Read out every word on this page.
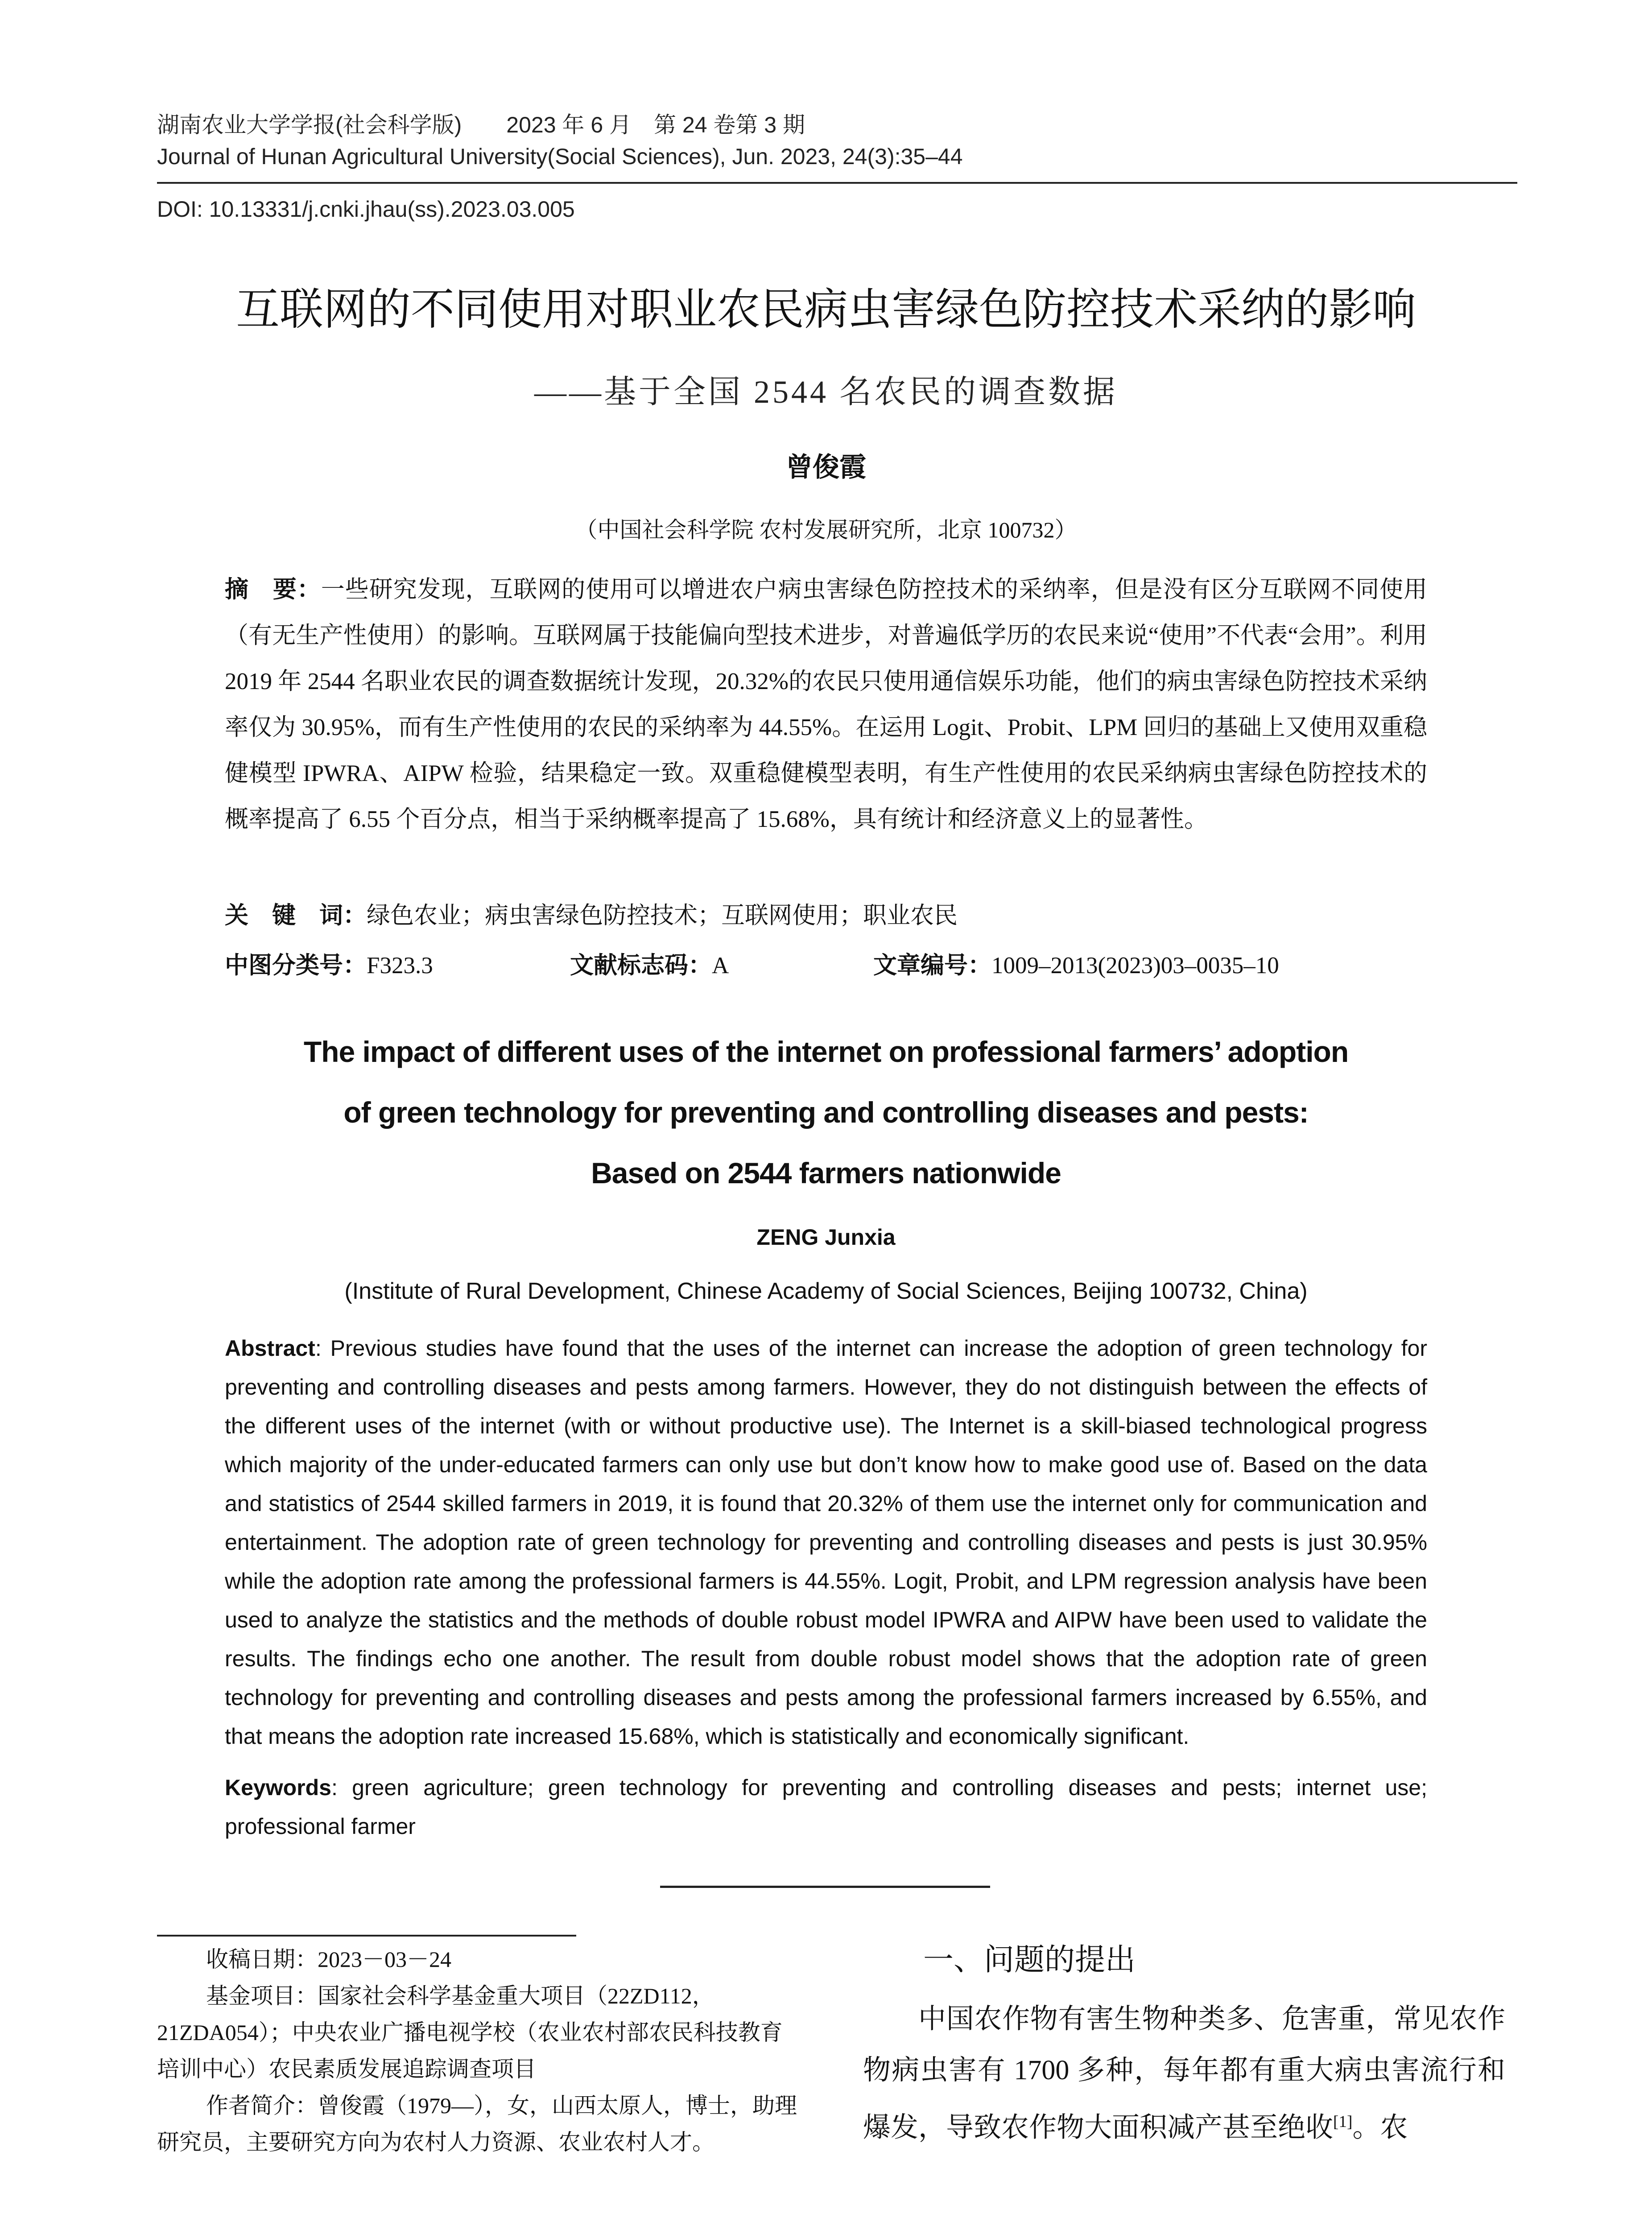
湖南农业大学学报(社会科学版)　　2023 年 6 月　第 24 卷第 3 期
Journal of Hunan Agricultural University(Social Sciences), Jun. 2023, 24(3):35–44
DOI: 10.13331/j.cnki.jhau(ss).2023.03.005
互联网的不同使用对职业农民病虫害绿色防控技术采纳的影响
——基于全国 2544 名农民的调查数据
曾俊霞
（中国社会科学院 农村发展研究所，北京 100732）
摘　要：一些研究发现，互联网的使用可以增进农户病虫害绿色防控技术的采纳率，但是没有区分互联网不同使用（有无生产性使用）的影响。互联网属于技能偏向型技术进步，对普遍低学历的农民来说“使用”不代表“会用”。利用 2019 年 2544 名职业农民的调查数据统计发现，20.32%的农民只使用通信娱乐功能，他们的病虫害绿色防控技术采纳率仅为 30.95%，而有生产性使用的农民的采纳率为 44.55%。在运用 Logit、Probit、LPM 回归的基础上又使用双重稳健模型 IPWRA、AIPW 检验，结果稳定一致。双重稳健模型表明，有生产性使用的农民采纳病虫害绿色防控技术的概率提高了 6.55 个百分点，相当于采纳概率提高了 15.68%，具有统计和经济意义上的显著性。
关　键　词：绿色农业；病虫害绿色防控技术；互联网使用；职业农民
中图分类号：F323.3	文献标志码：A	文章编号：1009–2013(2023)03–0035–10
The impact of different uses of the internet on professional farmers’ adoption
of green technology for preventing and controlling diseases and pests:
Based on 2544 farmers nationwide
ZENG Junxia
(Institute of Rural Development, Chinese Academy of Social Sciences, Beijing 100732, China)
Abstract: Previous studies have found that the uses of the internet can increase the adoption of green technology for preventing and controlling diseases and pests among farmers. However, they do not distinguish between the effects of the different uses of the internet (with or without productive use). The Internet is a skill-biased technological progress which majority of the under-educated farmers can only use but don’t know how to make good use of. Based on the data and statistics of 2544 skilled farmers in 2019, it is found that 20.32% of them use the internet only for communication and entertainment. The adoption rate of green technology for preventing and controlling diseases and pests is just 30.95% while the adoption rate among the professional farmers is 44.55%. Logit, Probit, and LPM regression analysis have been used to analyze the statistics and the methods of double robust model IPWRA and AIPW have been used to validate the results. The findings echo one another. The result from double robust model shows that the adoption rate of green technology for preventing and controlling diseases and pests among the professional farmers increased by 6.55%, and that means the adoption rate increased 15.68%, which is statistically and economically significant.
Keywords: green agriculture; green technology for preventing and controlling diseases and pests; internet use; professional farmer
收稿日期：2023－03－24
基金项目：国家社会科学基金重大项目（22ZD112，21ZDA054）；中央农业广播电视学校（农业农村部农民科技教育培训中心）农民素质发展追踪调查项目
作者简介：曾俊霞（1979—），女，山西太原人，博士，助理研究员，主要研究方向为农村人力资源、农业农村人才。
一、问题的提出
中国农作物有害生物种类多、危害重，常见农作物病虫害有 1700 多种，每年都有重大病虫害流行和爆发，导致农作物大面积减产甚至绝收[1]。农
